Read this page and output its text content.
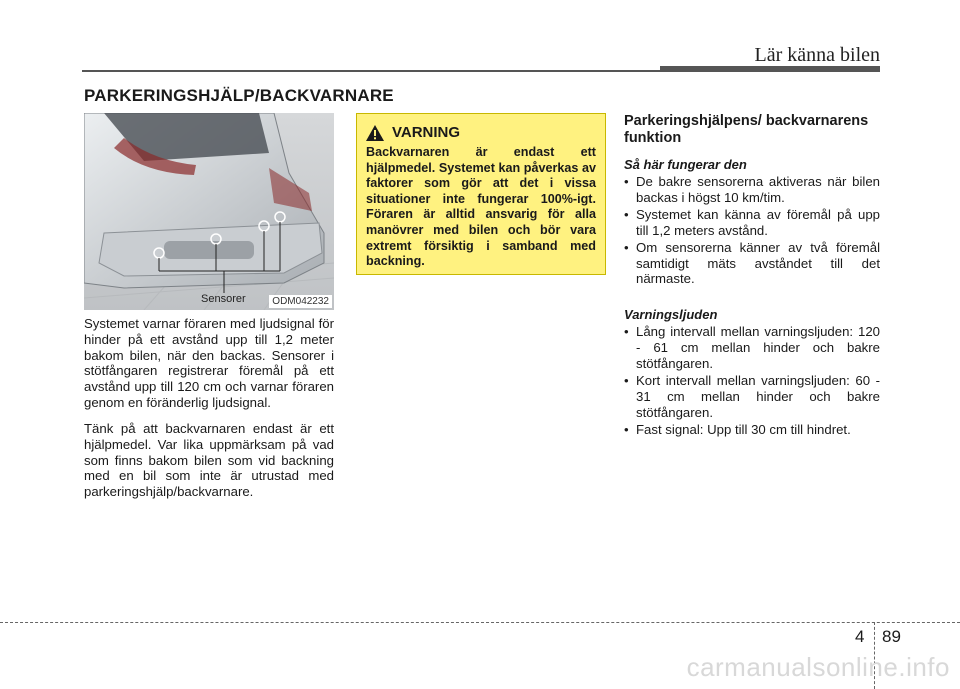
Lär känna bilen
PARKERINGSHJÄLP/BACKVARNARE
Sensorer	ODM042232

Systemet varnar föraren med ljudsignal för hinder på ett avstånd upp till 1,2 meter bakom bilen, när den backas. Sensorer i stötfångaren registrerar föremål på ett avstånd upp till 120 cm och varnar föraren genom en föränderlig ljudsignal.

Tänk på att backvarnaren endast är ett hjälpmedel. Var lika uppmärksam på vad som finns bakom bilen som vid backning med en bil som inte är utrustad med parkeringshjälp/backvarnare.

VARNING

Backvarnaren är endast ett hjälpmedel. Systemet kan påverkas av faktorer som gör att det i vissa situationer inte fungerar 100%-igt. Föraren är alltid ansvarig för alla manövrer med bilen och bör vara extremt försiktig i samband med backning.

Parkeringshjälpens/ backvarnarens funktion

Så här fungerar den
• De bakre sensorerna aktiveras när bilen backas i högst 10 km/tim.
• Systemet kan känna av föremål på upp till 1,2 meters avstånd.
• Om sensorerna känner av två föremål samtidigt mäts avståndet till det närmaste.
Varningsljuden
• Lång intervall mellan varningsljuden: 120 - 61 cm mellan hinder och bakre stötfångaren.
• Kort intervall mellan varningsljuden: 60 - 31 cm mellan hinder och bakre stötfångaren.
• Fast signal: Upp till 30 cm till hindret.
4 89
carmanualsonline.info
